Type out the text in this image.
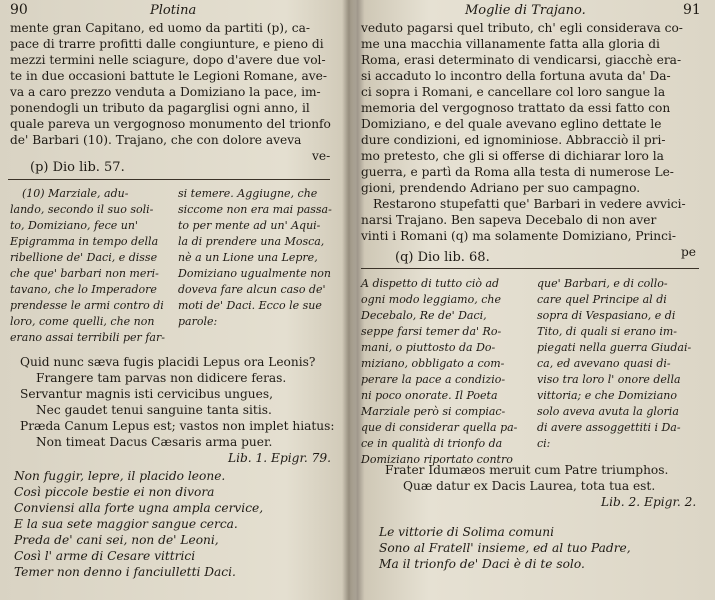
90	Plotina
mente gran Capitano, ed uomo da partiti (p), ca-
pace di trarre profitti dalle congiunture, e pieno di
mezzi termini nelle sciagure, dopo d'avere due vol-
te in due occasioni battute le Legioni Romane, ave-
va a caro prezzo venduta a Domiziano la pace, im-
ponendogli un tributo da pagarglisi ogni anno, il
quale pareva un vergognoso monumento del trionfo
de' Barbari (10). Trajano, che con dolore aveva
ve-
(p) Dio lib. 57.
(10) Marziale, adu-
lando, secondo il suo soli-
to, Domiziano, fece un'
Epigramma in tempo della
ribellione de' Daci, e disse
che que' barbari non meri-
tavano, che lo Imperadore
prendesse le armi contro di
loro, come quelli, che non
erano assai terribili per far-
si temere. Aggiugne, che
siccome non era mai passa-
to per mente ad un' Aqui-
la di prendere una Mosca,
nè a un Lione una Lepre,
Domiziano ugualmente non
doveva fare alcun caso de'
moti de' Daci. Ecco le sue
parole:
Quid nunc sæva fugis placidi Lepus ora Leonis?
Frangere tam parvas non didicere feras.
Servantur magnis isti cervicibus ungues,
Nec gaudet tenui sanguine tanta sitis.
Præda Canum Lepus est; vastos non implet hiatus:
Non timeat Dacus Cæsaris arma puer.
Lib. 1. Epigr. 79.
Non fuggir, lepre, il placido leone.
Così piccole bestie ei non divora
Conviensi alla forte ugna ampla cervice,
E la sua sete maggior sangue cerca.
Preda de' cani sei, non de' Leoni,
Così l' arme di Cesare vittrici
Temer non denno i fanciulletti Daci.
Moglie di Trajano.	91
veduto pagarsi quel tributo, ch' egli considerava co-
me una macchia villanamente fatta alla gloria di
Roma, erasi determinato di vendicarsi, giacchè era-
si accaduto lo incontro della fortuna avuta da' Da-
ci sopra i Romani, e cancellare col loro sangue la
memoria del vergognoso trattato da essi fatto con
Domiziano, e del quale avevano eglino dettate le
dure condizioni, ed ignominiose. Abbracciò il pri-
mo pretesto, che gli si offerse di dichiarar loro la
guerra, e partì da Roma alla testa di numerose Le-
gioni, prendendo Adriano per suo campagno.
Restarono stupefatti que' Barbari in vedere avvici-
narsi Trajano. Ben sapeva Decebalo di non aver
vinti i Romani (q) ma solamente Domiziano, Princi-
pe
(q) Dio lib. 68.
A dispetto di tutto ciò ad
ogni modo leggiamo, che
Decebalo, Re de' Daci,
seppe farsi temer da' Ro-
mani, o piuttosto da Do-
miziano, obbligato a com-
perare la pace a condizio-
ni poco onorate. Il Poeta
Marziale però si compiac-
que di considerar quella pa-
ce in qualità di trionfo da
Domiziano riportato contro
que' Barbari, e di collo-
care quel Principe al di
sopra di Vespasiano, e di
Tito, di quali si erano im-
piegati nella guerra Giudai-
ca, ed avevano quasi di-
viso tra loro l' onore della
vittoria; e che Domiziano
solo aveva avuta la gloria
di avere assoggettiti i Da-
ci:
Frater Idumæos meruit cum Patre triumphos.
Quæ datur ex Dacis Laurea, tota tua est.
Lib. 2. Epigr. 2.
Le vittorie di Solima comuni
Sono al Fratell' insieme, ed al tuo Padre,
Ma il trionfo de' Daci è di te solo.
